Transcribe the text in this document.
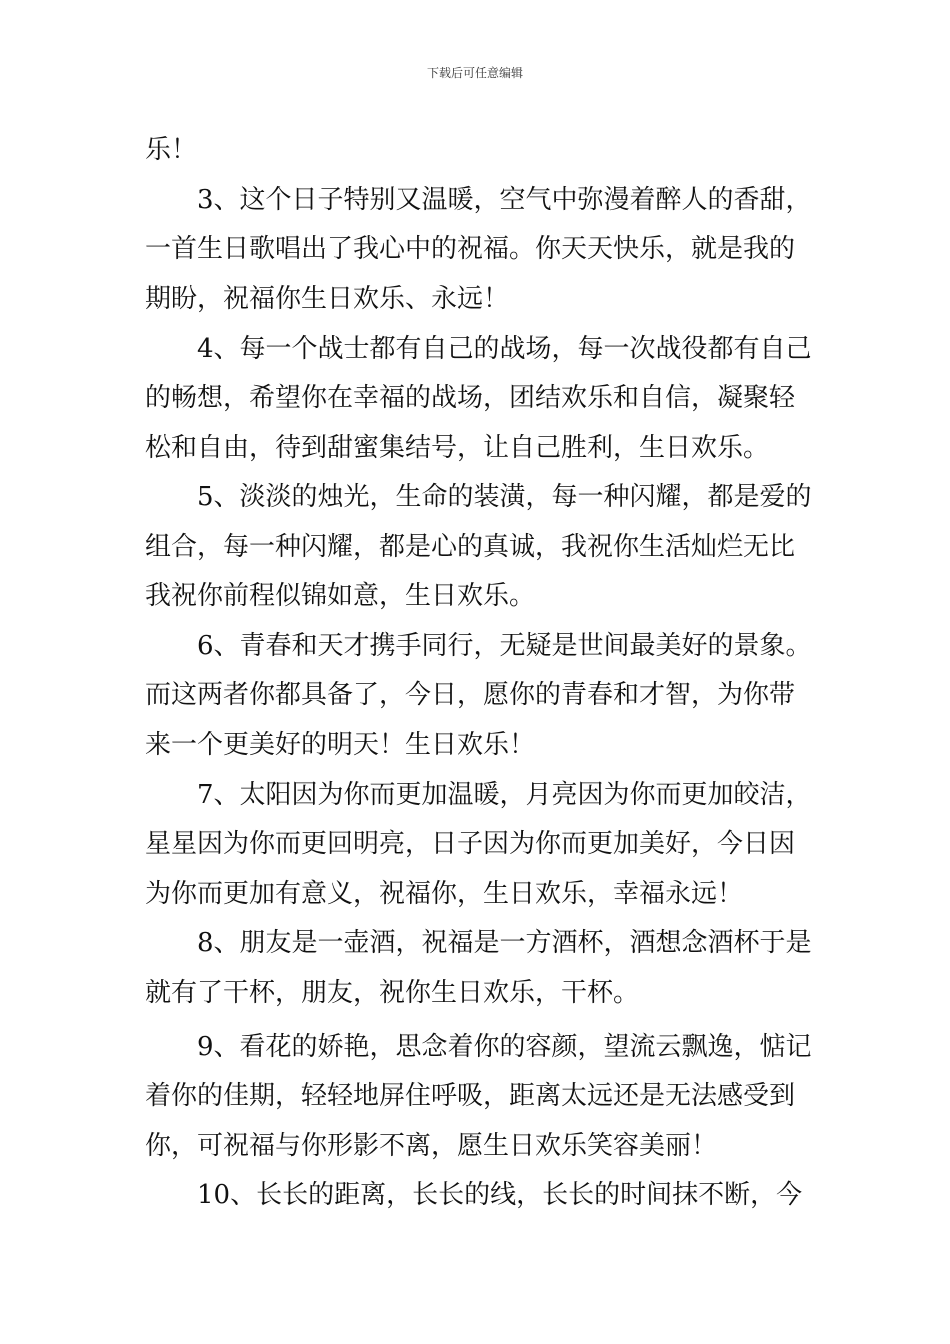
下载后可任意编辑
乐！
3、这个日子特别又温暖，空气中弥漫着醉人的香甜，
一首生日歌唱出了我心中的祝福。你天天快乐，就是我的
期盼，祝福你生日欢乐、永远！
4、每一个战士都有自己的战场，每一次战役都有自己
的畅想，希望你在幸福的战场，团结欢乐和自信，凝聚轻
松和自由，待到甜蜜集结号，让自己胜利，生日欢乐。
5、淡淡的烛光，生命的装潢，每一种闪耀，都是爱的
组合，每一种闪耀，都是心的真诚，我祝你生活灿烂无比
我祝你前程似锦如意，生日欢乐。
6、青春和天才携手同行，无疑是世间最美好的景象。
而这两者你都具备了，今日，愿你的青春和才智，为你带
来一个更美好的明天！生日欢乐！
7、太阳因为你而更加温暖，月亮因为你而更加皎洁，
星星因为你而更回明亮，日子因为你而更加美好，今日因
为你而更加有意义，祝福你，生日欢乐，幸福永远！
8、朋友是一壶酒，祝福是一方酒杯，酒想念酒杯于是
就有了干杯，朋友，祝你生日欢乐，干杯。
9、看花的娇艳，思念着你的容颜，望流云飘逸，惦记
着你的佳期，轻轻地屏住呼吸，距离太远还是无法感受到
你，可祝福与你形影不离，愿生日欢乐笑容美丽！
10、长长的距离，长长的线，长长的时间抹不断，今
